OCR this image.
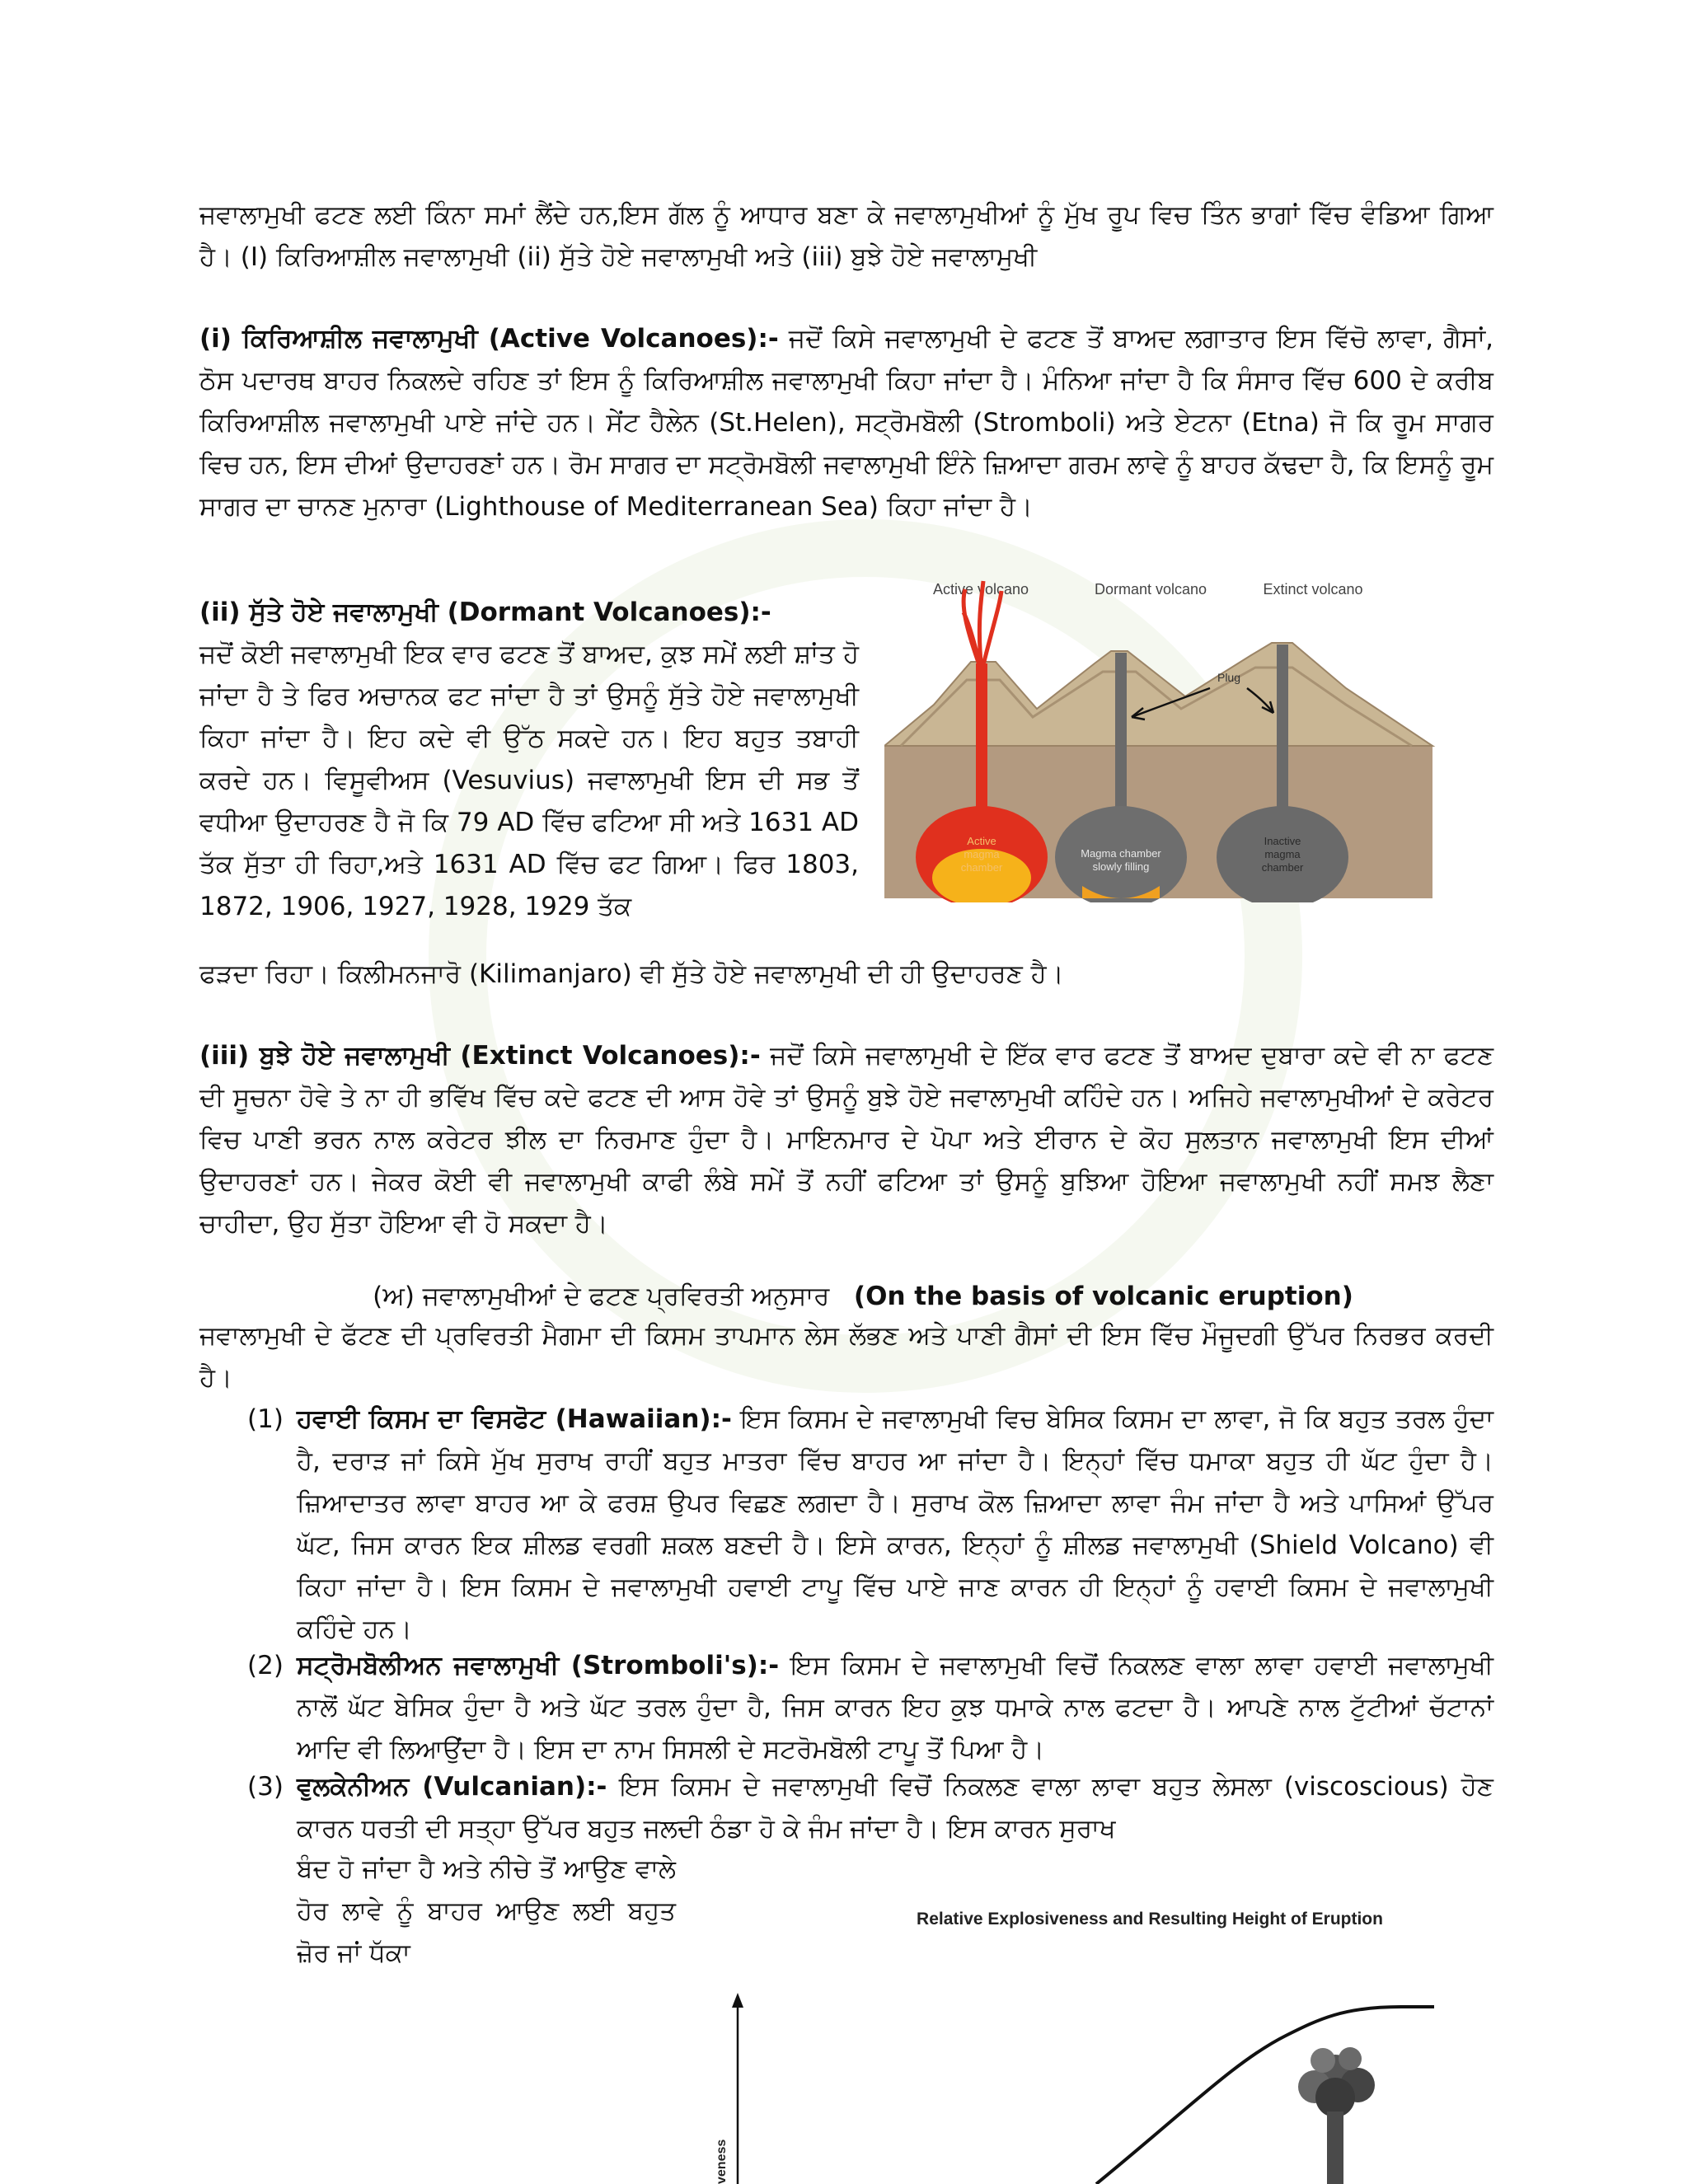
ਜਵਾਲਾਮੁਖੀ ਫਟਣ ਲਈ ਕਿੰਨਾ ਸਮਾਂ ਲੈਂਦੇ ਹਨ,ਇਸ ਗੱਲ ਨੂੰ ਆਧਾਰ ਬਣਾ ਕੇ ਜਵਾਲਾਮੁਖੀਆਂ ਨੂੰ ਮੁੱਖ ਰੂਪ ਵਿਚ ਤਿੰਨ ਭਾਗਾਂ ਵਿੱਚ ਵੰਡਿਆ ਗਿਆ ਹੈ। (I) ਕਿਰਿਆਸ਼ੀਲ ਜਵਾਲਾਮੁਖੀ (ii) ਸੁੱਤੇ ਹੋਏ ਜਵਾਲਾਮੁਖੀ ਅਤੇ (iii) ਬੁਝੇ ਹੋਏ ਜਵਾਲਾਮੁਖੀ

(i) ਕਿਰਿਆਸ਼ੀਲ ਜਵਾਲਾਮੁਖੀ (Active Volcanoes):- ਜਦੋਂ ਕਿਸੇ ਜਵਾਲਾਮੁਖੀ ਦੇ ਫਟਣ ਤੋਂ ਬਾਅਦ ਲਗਾਤਾਰ ਇਸ ਵਿੱਚੋ ਲਾਵਾ, ਗੈਸਾਂ, ਠੋਸ ਪਦਾਰਥ ਬਾਹਰ ਨਿਕਲਦੇ ਰਹਿਣ ਤਾਂ ਇਸ ਨੂੰ ਕਿਰਿਆਸ਼ੀਲ ਜਵਾਲਾਮੁਖੀ ਕਿਹਾ ਜਾਂਦਾ ਹੈ। ਮੰਨਿਆ ਜਾਂਦਾ ਹੈ ਕਿ ਸੰਸਾਰ ਵਿੱਚ 600 ਦੇ ਕਰੀਬ ਕਿਰਿਆਸ਼ੀਲ ਜਵਾਲਾਮੁਖੀ ਪਾਏ ਜਾਂਦੇ ਹਨ। ਸੇਂਟ ਹੈਲੇਨ (St.Helen), ਸਟ੍ਰੋਮਬੋਲੀ (Stromboli) ਅਤੇ ਏਟਨਾ (Etna) ਜੋ ਕਿ ਰੂਮ ਸਾਗਰ ਵਿਚ ਹਨ, ਇਸ ਦੀਆਂ ਉਦਾਹਰਣਾਂ ਹਨ। ਰੋਮ ਸਾਗਰ ਦਾ ਸਟ੍ਰੋਮਬੋਲੀ ਜਵਾਲਾਮੁਖੀ ਇੰਨੇ ਜ਼ਿਆਦਾ ਗਰਮ ਲਾਵੇ ਨੂੰ ਬਾਹਰ ਕੱਢਦਾ ਹੈ, ਕਿ ਇਸਨੂੰ ਰੂਮ ਸਾਗਰ ਦਾ ਚਾਨਣ ਮੁਨਾਰਾ (Lighthouse of Mediterranean Sea) ਕਿਹਾ ਜਾਂਦਾ ਹੈ।

(ii) ਸੁੱਤੇ ਹੋਏ ਜਵਾਲਾਮੁਖੀ (Dormant Volcanoes):-
ਜਦੋਂ ਕੋਈ ਜਵਾਲਾਮੁਖੀ ਇਕ ਵਾਰ ਫਟਣ ਤੋਂ ਬਾਅਦ, ਕੁਝ ਸਮੇਂ ਲਈ ਸ਼ਾਂਤ ਹੋ ਜਾਂਦਾ ਹੈ ਤੇ ਫਿਰ ਅਚਾਨਕ ਫਟ ਜਾਂਦਾ ਹੈ ਤਾਂ ਉਸਨੂੰ ਸੁੱਤੇ ਹੋਏ ਜਵਾਲਾਮੁਖੀ ਕਿਹਾ ਜਾਂਦਾ ਹੈ। ਇਹ ਕਦੇ ਵੀ ਉੱਠ ਸਕਦੇ ਹਨ। ਇਹ ਬਹੁਤ ਤਬਾਹੀ ਕਰਦੇ ਹਨ। ਵਿਸੂਵੀਅਸ (Vesuvius) ਜਵਾਲਾਮੁਖੀ ਇਸ ਦੀ ਸਭ ਤੋਂ ਵਧੀਆ ਉਦਾਹਰਣ ਹੈ ਜੋ ਕਿ 79 AD ਵਿੱਚ ਫਟਿਆ ਸੀ ਅਤੇ 1631 AD ਤੱਕ ਸੁੱਤਾ ਹੀ ਰਿਹਾ,ਅਤੇ 1631 AD ਵਿੱਚ ਫਟ ਗਿਆ। ਫਿਰ 1803, 1872, 1906, 1927, 1928, 1929 ਤੱਕ

ਫੜਦਾ ਰਿਹਾ। ਕਿਲੀਮਨਜਾਰੋ (Kilimanjaro) ਵੀ ਸੁੱਤੇ ਹੋਏ ਜਵਾਲਾਮੁਖੀ ਦੀ ਹੀ ਉਦਾਹਰਣ ਹੈ।

(iii) ਬੁਝੇ ਹੋਏ ਜਵਾਲਾਮੁਖੀ (Extinct Volcanoes):- ਜਦੋਂ ਕਿਸੇ ਜਵਾਲਾਮੁਖੀ ਦੇ ਇੱਕ ਵਾਰ ਫਟਣ ਤੋਂ ਬਾਅਦ ਦੁਬਾਰਾ ਕਦੇ ਵੀ ਨਾ ਫਟਣ ਦੀ ਸੂਚਨਾ ਹੋਵੇ ਤੇ ਨਾ ਹੀ ਭਵਿੱਖ ਵਿੱਚ ਕਦੇ ਫਟਣ ਦੀ ਆਸ ਹੋਵੇ ਤਾਂ ਉਸਨੂੰ ਬੁਝੇ ਹੋਏ ਜਵਾਲਾਮੁਖੀ ਕਹਿੰਦੇ ਹਨ। ਅਜਿਹੇ ਜਵਾਲਾਮੁਖੀਆਂ ਦੇ ਕਰੇਟਰ ਵਿਚ ਪਾਣੀ ਭਰਨ ਨਾਲ ਕਰੇਟਰ ਝੀਲ ਦਾ ਨਿਰਮਾਣ ਹੁੰਦਾ ਹੈ। ਮਾਇਨਮਾਰ ਦੇ ਪੋਪਾ ਅਤੇ ਈਰਾਨ ਦੇ ਕੋਹ ਸੁਲਤਾਨ ਜਵਾਲਾਮੁਖੀ ਇਸ ਦੀਆਂ ਉਦਾਹਰਣਾਂ ਹਨ। ਜੇਕਰ ਕੋਈ ਵੀ ਜਵਾਲਾਮੁਖੀ ਕਾਫੀ ਲੰਬੇ ਸਮੇਂ ਤੋਂ ਨਹੀਂ ਫਟਿਆ ਤਾਂ ਉਸਨੂੰ ਬੁਝਿਆ ਹੋਇਆ ਜਵਾਲਾਮੁਖੀ ਨਹੀਂ ਸਮਝ ਲੈਣਾ ਚਾਹੀਦਾ, ਉਹ ਸੁੱਤਾ ਹੋਇਆ ਵੀ ਹੋ ਸਕਦਾ ਹੈ।

(ਅ) ਜਵਾਲਾਮੁਖੀਆਂ ਦੇ ਫਟਣ ਪ੍ਰਵਿਰਤੀ ਅਨੁਸਾਰ (On the basis of volcanic eruption)

ਜਵਾਲਾਮੁਖੀ ਦੇ ਫੱਟਣ ਦੀ ਪ੍ਰਵਿਰਤੀ ਮੈਗਮਾ ਦੀ ਕਿਸਮ ਤਾਪਮਾਨ ਲੇਸ ਲੱਭਣ ਅਤੇ ਪਾਣੀ ਗੈਸਾਂ ਦੀ ਇਸ ਵਿੱਚ ਮੌਜੂਦਗੀ ਉੱਪਰ ਨਿਰਭਰ ਕਰਦੀ ਹੈ।

(1) ਹਵਾਈ ਕਿਸਮ ਦਾ ਵਿਸਫੋਟ (Hawaiian):- ਇਸ ਕਿਸਮ ਦੇ ਜਵਾਲਾਮੁਖੀ ਵਿਚ ਬੇਸਿਕ ਕਿਸਮ ਦਾ ਲਾਵਾ, ਜੋ ਕਿ ਬਹੁਤ ਤਰਲ ਹੁੰਦਾ ਹੈ, ਦਰਾੜ ਜਾਂ ਕਿਸੇ ਮੁੱਖ ਸੁਰਾਖ ਰਾਹੀਂ ਬਹੁਤ ਮਾਤਰਾ ਵਿੱਚ ਬਾਹਰ ਆ ਜਾਂਦਾ ਹੈ। ਇਨ੍ਹਾਂ ਵਿੱਚ ਧਮਾਕਾ ਬਹੁਤ ਹੀ ਘੱਟ ਹੁੰਦਾ ਹੈ। ਜ਼ਿਆਦਾਤਰ ਲਾਵਾ ਬਾਹਰ ਆ ਕੇ ਫਰਸ਼ ਉਪਰ ਵਿਛਣ ਲਗਦਾ ਹੈ। ਸੁਰਾਖ ਕੋਲ ਜ਼ਿਆਦਾ ਲਾਵਾ ਜੰਮ ਜਾਂਦਾ ਹੈ ਅਤੇ ਪਾਸਿਆਂ ਉੱਪਰ ਘੱਟ, ਜਿਸ ਕਾਰਨ ਇਕ ਸ਼ੀਲਡ ਵਰਗੀ ਸ਼ਕਲ ਬਣਦੀ ਹੈ। ਇਸੇ ਕਾਰਨ, ਇਨ੍ਹਾਂ ਨੂੰ ਸ਼ੀਲਡ ਜਵਾਲਾਮੁਖੀ (Shield Volcano) ਵੀ ਕਿਹਾ ਜਾਂਦਾ ਹੈ। ਇਸ ਕਿਸਮ ਦੇ ਜਵਾਲਾਮੁਖੀ ਹਵਾਈ ਟਾਪੂ ਵਿੱਚ ਪਾਏ ਜਾਣ ਕਾਰਨ ਹੀ ਇਨ੍ਹਾਂ ਨੂੰ ਹਵਾਈ ਕਿਸਮ ਦੇ ਜਵਾਲਾਮੁਖੀ ਕਹਿੰਦੇ ਹਨ।
(2) ਸਟ੍ਰੋਮਬੋਲੀਅਨ ਜਵਾਲਾਮੁਖੀ (Stromboli's):- ਇਸ ਕਿਸਮ ਦੇ ਜਵਾਲਾਮੁਖੀ ਵਿਚੋਂ ਨਿਕਲਣ ਵਾਲਾ ਲਾਵਾ ਹਵਾਈ ਜਵਾਲਾਮੁਖੀ ਨਾਲੋਂ ਘੱਟ ਬੇਸਿਕ ਹੁੰਦਾ ਹੈ ਅਤੇ ਘੱਟ ਤਰਲ ਹੁੰਦਾ ਹੈ, ਜਿਸ ਕਾਰਨ ਇਹ ਕੁਝ ਧਮਾਕੇ ਨਾਲ ਫਟਦਾ ਹੈ। ਆਪਣੇ ਨਾਲ ਟੁੱਟੀਆਂ ਚੱਟਾਨਾਂ ਆਦਿ ਵੀ ਲਿਆਉਂਦਾ ਹੈ। ਇਸ ਦਾ ਨਾਮ ਸਿਸਲੀ ਦੇ ਸਟਰੋਮਬੋਲੀ ਟਾਪੂ ਤੋਂ ਪਿਆ ਹੈ।
(3) ਵੁਲਕੇਨੀਅਨ (Vulcanian):- ਇਸ ਕਿਸਮ ਦੇ ਜਵਾਲਾਮੁਖੀ ਵਿਚੋਂ ਨਿਕਲਣ ਵਾਲਾ ਲਾਵਾ ਬਹੁਤ ਲੇਸਲਾ (viscoscious) ਹੋਣ ਕਾਰਨ ਧਰਤੀ ਦੀ ਸਤ੍ਹਾ ਉੱਪਰ ਬਹੁਤ ਜਲਦੀ ਠੰਡਾ ਹੋ ਕੇ ਜੰਮ ਜਾਂਦਾ ਹੈ। ਇਸ ਕਾਰਨ ਸੁਰਾਖ

ਬੰਦ ਹੋ ਜਾਂਦਾ ਹੈ ਅਤੇ ਨੀਚੇ ਤੋਂ ਆਉਣ ਵਾਲੇ ਹੋਰ ਲਾਵੇ ਨੂੰ ਬਾਹਰ ਆਉਣ ਲਈ ਬਹੁਤ ਜ਼ੋਰ ਜਾਂ ਧੱਕਾ

Active volcano	Dormant volcano	Extinct volcano
Active
magma
chamber
Magma chamber
slowly filling
Inactive
magma
chamber
Plug
Relative Explosiveness and Resulting Height of Eruption
veness
